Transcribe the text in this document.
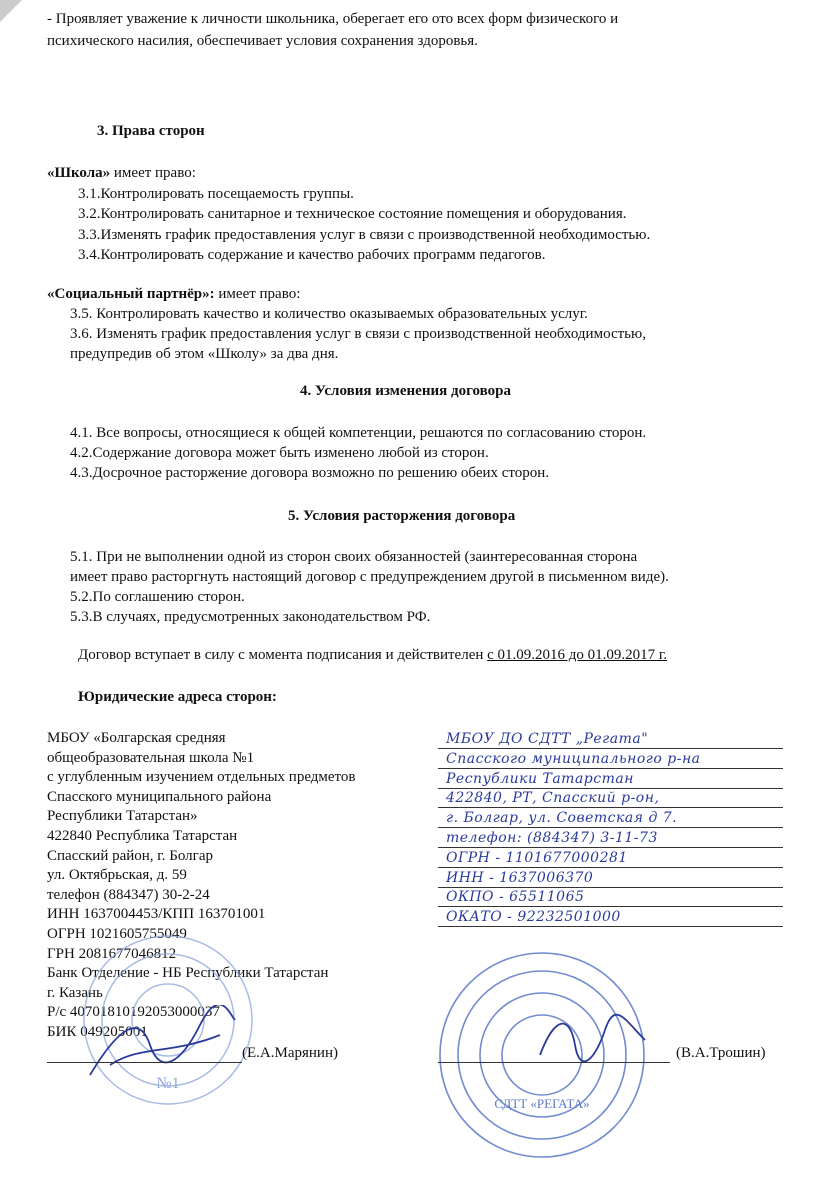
- Проявляет уважение к личности школьника, оберегает его ото всех форм физического и
психического насилия, обеспечивает условия сохранения здоровья.
3. Права сторон
«Школа» имеет право:
3.1.Контролировать посещаемость группы.
3.2.Контролировать санитарное и техническое состояние помещения и оборудования.
3.3.Изменять график предоставления услуг в связи с производственной необходимостью.
3.4.Контролировать содержание и качество рабочих программ педагогов.
«Социальный партнёр»: имеет право:
3.5. Контролировать качество и количество оказываемых образовательных услуг.
3.6. Изменять график предоставления услуг в связи с производственной необходимостью,
предупредив об этом «Школу» за два дня.
4. Условия изменения договора
4.1. Все вопросы, относящиеся к общей компетенции, решаются по согласованию сторон.
4.2.Содержание договора может быть изменено любой из сторон.
4.3.Досрочное расторжение договора возможно по решению обеих сторон.
5. Условия расторжения договора
5.1. При не выполнении одной из сторон своих обязанностей (заинтересованная сторона
имеет право расторгнуть настоящий договор с предупреждением другой в письменном виде).
5.2.По соглашению сторон.
5.3.В случаях, предусмотренных законодательством РФ.
Договор вступает в силу с момента подписания и действителен с 01.09.2016 до 01.09.2017 г.
Юридические адреса сторон:
МБОУ «Болгарская средняя
общеобразовательная школа №1
с углубленным изучением отдельных предметов
Спасского муниципального района
Республики Татарстан»
422840 Республика Татарстан
Спасский район, г. Болгар
ул. Октябрьская, д. 59
телефон (884347) 30-2-24
ИНН 1637004453/КПП 163701001
ОГРН 1021605755049
ГРН 2081677046812
Банк Отделение - НБ Республики Татарстан
г. Казань
Р/с 40701810192053000037
БИК 049205001
МБОУ ДО СДТТ „Регата"
Спасского муниципального р-на
Республики Татарстан
422840, РТ, Спасский р-он,
г. Болгар, ул. Советская д 7.
телефон: (884347) 3-11-73
ОГРН - 1101677000281
ИНН - 1637006370
ОКПО - 65511065
ОКАТО - 92232501000
№1
СДТТ «РЕГАТА»
(Е.А.Марянин)	(В.А.Трошин)
